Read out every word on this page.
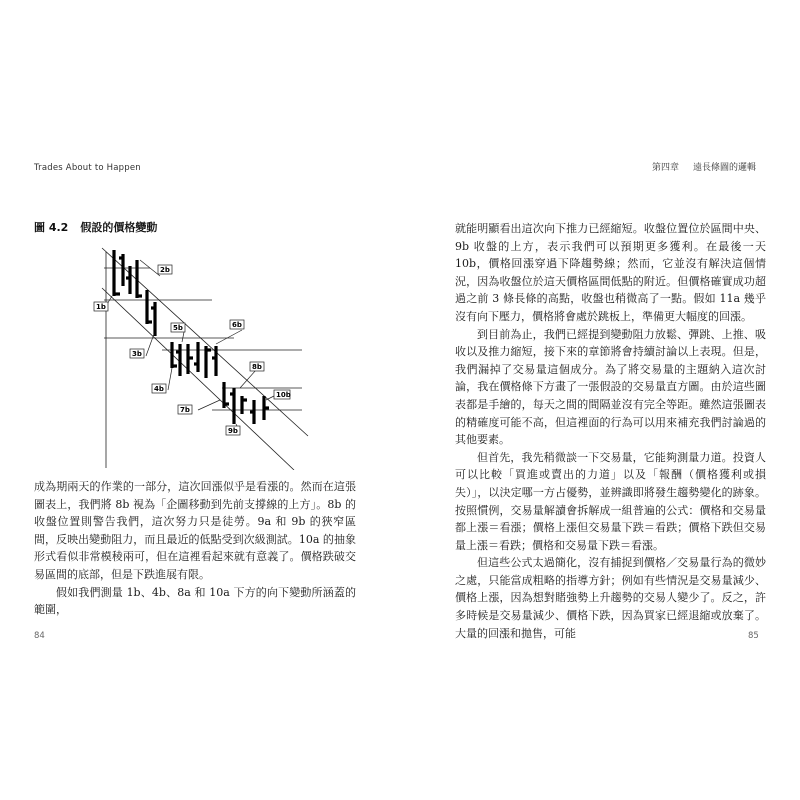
Trades About to Happen	第四章 遠長條圖的邏輯
圖 4.2 假設的價格變動
1b
2b
3b
4b
5b	6b
7b
8b
9b
10b

成為期兩天的作業的一部分，這次回漲似乎是看漲的。然而在這張圖表上，我們將 8b 視為「企圖移動到先前支撐線的上方」。8b 的收盤位置則警告我們，這次努力只是徒勞。9a 和 9b 的狹窄區間，反映出變動阻力，而且最近的低點受到次級測試。10a 的抽象形式看似非常模稜兩可，但在這裡看起來就有意義了。價格跌破交易區間的底部，但是下跌進展有限。

假如我們測量 1b、4b、8a 和 10a 下方的向下變動所涵蓋的範圍，

就能明顯看出這次向下推力已經縮短。收盤位置位於區間中央、9b 收盤的上方，表示我們可以預期更多獲利。在最後一天 10b，價格回漲穿過下降趨勢線；然而，它並沒有解決這個情況，因為收盤位於這天價格區間低點的附近。但價格確實成功超過之前 3 條長條的高點，收盤也稍微高了一點。假如 11a 幾乎沒有向下壓力，價格將會處於跳板上，準備更大幅度的回漲。

到目前為止，我們已經提到變動阻力放鬆、彈跳、上推、吸收以及推力縮短，接下來的章節將會持續討論以上表現。但是，我們漏掉了交易量這個成分。為了將交易量的主題納入這次討論，我在價格條下方畫了一張假設的交易量直方圖。由於這些圖表都是手繪的，每天之間的間隔並沒有完全等距。雖然這張圖表的精確度可能不高，但這裡面的行為可以用來補充我們討論過的其他要素。

但首先，我先稍微談一下交易量，它能夠測量力道。投資人可以比較「買進或賣出的力道」以及「報酬（價格獲利或損失）」，以決定哪一方占優勢，並辨識即將發生趨勢變化的跡象。按照慣例，交易量解讀會拆解成一組普遍的公式：價格和交易量都上漲＝看漲；價格上漲但交易量下跌＝看跌；價格下跌但交易量上漲＝看跌；價格和交易量下跌＝看漲。

但這些公式太過簡化，沒有捕捉到價格／交易量行為的微妙之處，只能當成粗略的指導方針；例如有些情況是交易量減少、價格上漲，因為想對賭強勢上升趨勢的交易人變少了。反之，許多時候是交易量減少、價格下跌，因為買家已經退縮或放棄了。大量的回漲和拋售，可能

84	85
